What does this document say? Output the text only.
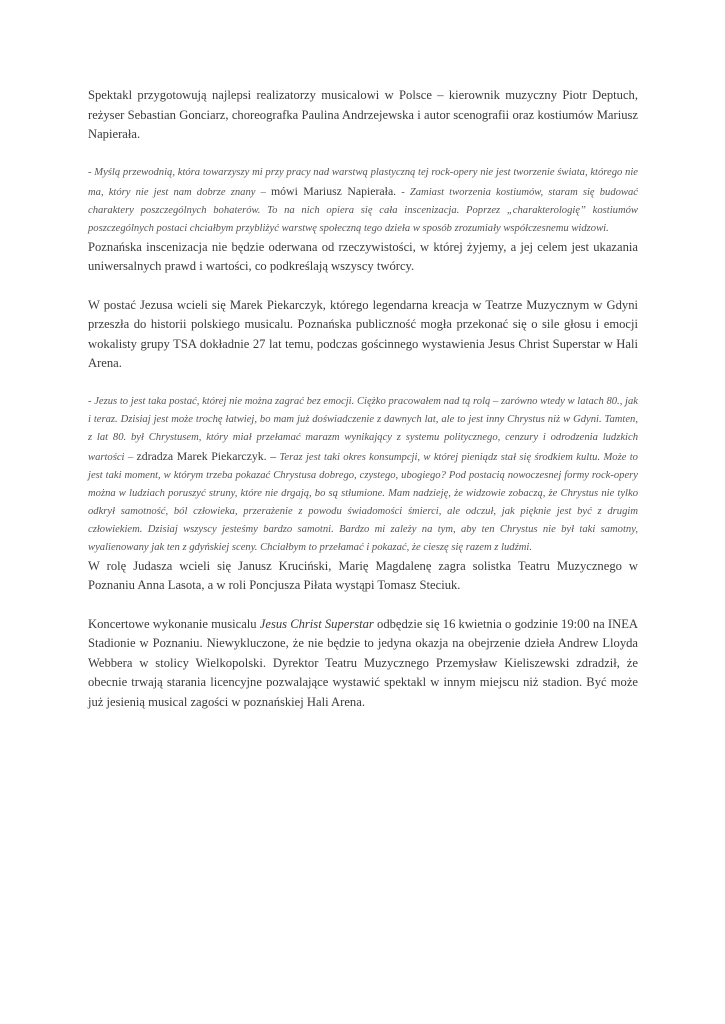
Spektakl przygotowują najlepsi realizatorzy musicalowi w Polsce – kierownik muzyczny Piotr Deptuch, reżyser Sebastian Gonciarz, choreografka Paulina Andrzejewska i autor scenografii oraz kostiumów Mariusz Napierała.

- Myślą przewodnią, która towarzyszy mi przy pracy nad warstwą plastyczną tej rock-opery nie jest tworzenie świata, którego nie ma, który nie jest nam dobrze znany – mówi Mariusz Napierała. - Zamiast tworzenia kostiumów, staram się budować charaktery poszczególnych bohaterów. To na nich opiera się cała inscenizacja. Poprzez „charakterologię” kostiumów poszczególnych postaci chciałbym przybliżyć warstwę społeczną tego dzieła w sposób zrozumiały współczesnemu widzowi.

Poznańska inscenizacja nie będzie oderwana od rzeczywistości, w której żyjemy, a jej celem jest ukazania uniwersalnych prawd i wartości, co podkreślają wszyscy twórcy.

W postać Jezusa wcieli się Marek Piekarczyk, którego legendarna kreacja w Teatrze Muzycznym w Gdyni przeszła do historii polskiego musicalu. Poznańska publiczność mogła przekonać się o sile głosu i emocji wokalisty grupy TSA dokładnie 27 lat temu, podczas gościnnego wystawienia Jesus Christ Superstar w Hali Arena.

- Jezus to jest taka postać, której nie można zagrać bez emocji. Ciężko pracowałem nad tą rolą – zarówno wtedy w latach 80., jak i teraz. Dzisiaj jest może trochę łatwiej, bo mam już doświadczenie z dawnych lat, ale to jest inny Chrystus niż w Gdyni. Tamten, z lat 80. był Chrystusem, który miał przełamać marazm wynikający z systemu politycznego, cenzury i odrodzenia ludzkich wartości – zdradza Marek Piekarczyk. – Teraz jest taki okres konsumpcji, w której pieniądz stał się środkiem kultu. Może to jest taki moment, w którym trzeba pokazać Chrystusa dobrego, czystego, ubogiego? Pod postacią nowoczesnej formy rock-opery można w ludziach poruszyć struny, które nie drgają, bo są stłumione. Mam nadzieję, że widzowie zobaczą, że Chrystus nie tylko odkrył samotność, ból człowieka, przerażenie z powodu świadomości śmierci, ale odczuł, jak pięknie jest być z drugim człowiekiem. Dzisiaj wszyscy jesteśmy bardzo samotni. Bardzo mi zależy na tym, aby ten Chrystus nie był taki samotny, wyalienowany jak ten z gdyńskiej sceny. Chciałbym to przełamać i pokazać, że cieszę się razem z ludźmi.

W rolę Judasza wcieli się Janusz Kruciński, Marię Magdalenę zagra solistka Teatru Muzycznego w Poznaniu Anna Lasota, a w roli Poncjusza Piłata wystąpi Tomasz Steciuk.

Koncertowe wykonanie musicalu Jesus Christ Superstar odbędzie się 16 kwietnia o godzinie 19:00 na INEA Stadionie w Poznaniu. Niewykluczone, że nie będzie to jedyna okazja na obejrzenie dzieła Andrew Lloyda Webbera w stolicy Wielkopolski. Dyrektor Teatru Muzycznego Przemysław Kieliszewski zdradził, że obecnie trwają starania licencyjne pozwalające wystawić spektakl w innym miejscu niż stadion. Być może już jesienią musical zagości w poznańskiej Hali Arena.
